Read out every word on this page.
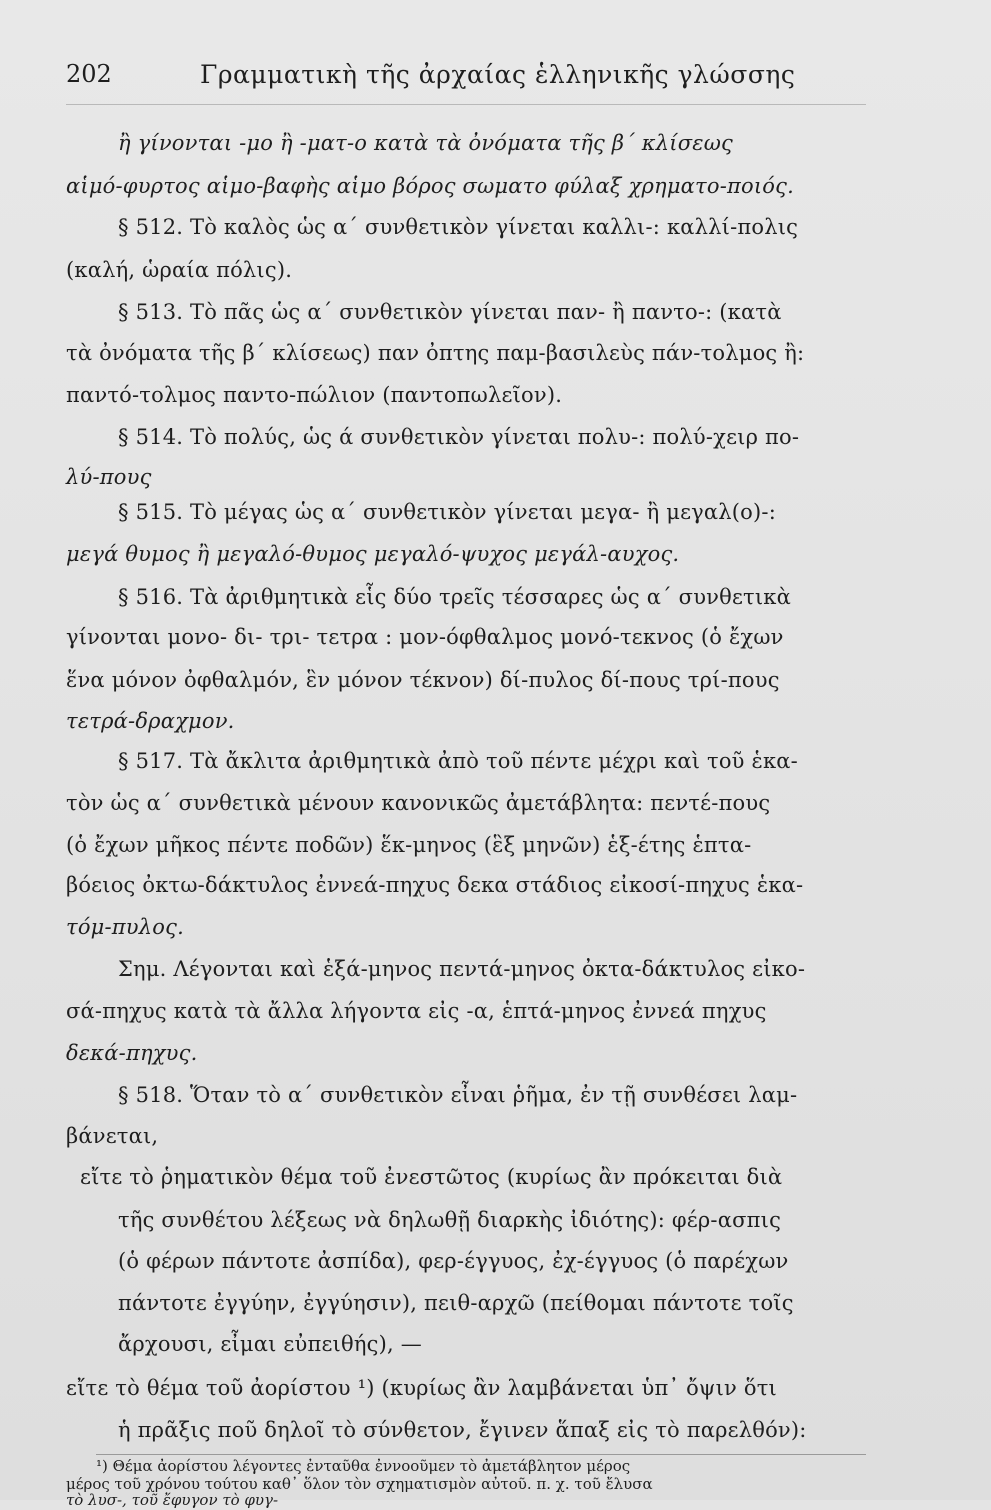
202	Γραμματικὴ τῆς ἀρχαίας ἑλληνικῆς γλώσσης
ἢ γίνονται -μο ἢ -ματ-ο κατὰ τὰ ὀνόματα τῆς β΄ κλίσεως
αἱμό-φυρτος αἱμο-βαφὴς αἱμο βόρος σωματο φύλαξ χρηματο-ποιός.
§ 512. Τὸ καλὸς ὡς α΄ συνθετικὸν γίνεται καλλι-: καλλί-πολις
(καλή, ὡραία πόλις).
§ 513. Τὸ πᾶς ὡς α΄ συνθετικὸν γίνεται παν- ἢ παντο-: (κατὰ
τὰ ὀνόματα τῆς β΄ κλίσεως) παν ὀπτης παμ-βασιλεὺς πάν-τολμος ἢ:
παντό-τολμος παντο-πώλιον (παντοπωλεῖον).
§ 514. Τὸ πολύς, ὡς ά συνθετικὸν γίνεται πολυ-: πολύ-χειρ πο-
λύ-πους
§ 515. Τὸ μέγας ὡς α΄ συνθετικὸν γίνεται μεγα- ἢ μεγαλ(ο)-:
μεγά θυμος ἢ μεγαλό-θυμος μεγαλό-ψυχος μεγάλ-αυχος.
§ 516. Τὰ ἀριθμητικὰ εἷς δύο τρεῖς τέσσαρες ὡς α΄ συνθετικὰ
γίνονται μονο- δι- τρι- τετρα : μον-όφθαλμος μονό-τεκνος (ὁ ἔχων
ἕνα μόνον ὀφθαλμόν, ἓν μόνον τέκνον) δί-πυλος δί-πους τρί-πους
τετρά-δραχμον.
§ 517. Τὰ ἄκλιτα ἀριθμητικὰ ἀπὸ τοῦ πέντε μέχρι καὶ τοῦ ἑκα-
τὸν ὡς α΄ συνθετικὰ μένουν κανονικῶς ἀμετάβλητα: πεντέ-πους
(ὁ ἔχων μῆκος πέντε ποδῶν) ἕκ-μηνος (ἓξ μηνῶν) ἑξ-έτης ἑπτα-
βόειος ὀκτω-δάκτυλος ἐννεά-πηχυς δεκα στάδιος εἰκοσί-πηχυς ἑκα-
τόμ-πυλος.
Σημ. Λέγονται καὶ ἑξά-μηνος πεντά-μηνος ὀκτα-δάκτυλος εἰκο-
σά-πηχυς κατὰ τὰ ἄλλα λήγοντα εἰς -α, ἑπτά-μηνος ἐννεά πηχυς
δεκά-πηχυς.
§ 518. Ὅταν τὸ α΄ συνθετικὸν εἶναι ῥῆμα, ἐν τῇ συνθέσει λαμ-
βάνεται,
εἴτε τὸ ῥηματικὸν θέμα τοῦ ἐνεστῶτος (κυρίως ἂν πρόκειται διὰ
τῆς συνθέτου λέξεως νὰ δηλωθῇ διαρκὴς ἰδιότης): φέρ-ασπις
(ὁ φέρων πάντοτε ἀσπίδα), φερ-έγγυος, ἐχ-έγγυος (ὁ παρέχων
πάντοτε ἐγγύην, ἐγγύησιν), πειθ-αρχῶ (πείθομαι πάντοτε τοῖς
ἄρχουσι, εἶμαι εὐπειθής), —
εἴτε τὸ θέμα τοῦ ἀορίστου ¹) (κυρίως ἂν λαμβάνεται ὑπ᾽ ὄψιν ὅτι
ἡ πρᾶξις ποῦ δηλοῖ τὸ σύνθετον, ἔγινεν ἅπαξ εἰς τὸ παρελθόν):
¹) Θέμα ἀορίστου λέγοντες ἐνταῦθα ἐννοοῦμεν τὸ ἀμετάβλητον μέρος
μέρος τοῦ χρόνου τούτου καθ᾽ ὅλον τὸν σχηματισμὸν αὐτοῦ. π. χ. τοῦ ἔλυσα
τὸ λυσ-, τοῦ ἔφυγον τὸ φυγ-
